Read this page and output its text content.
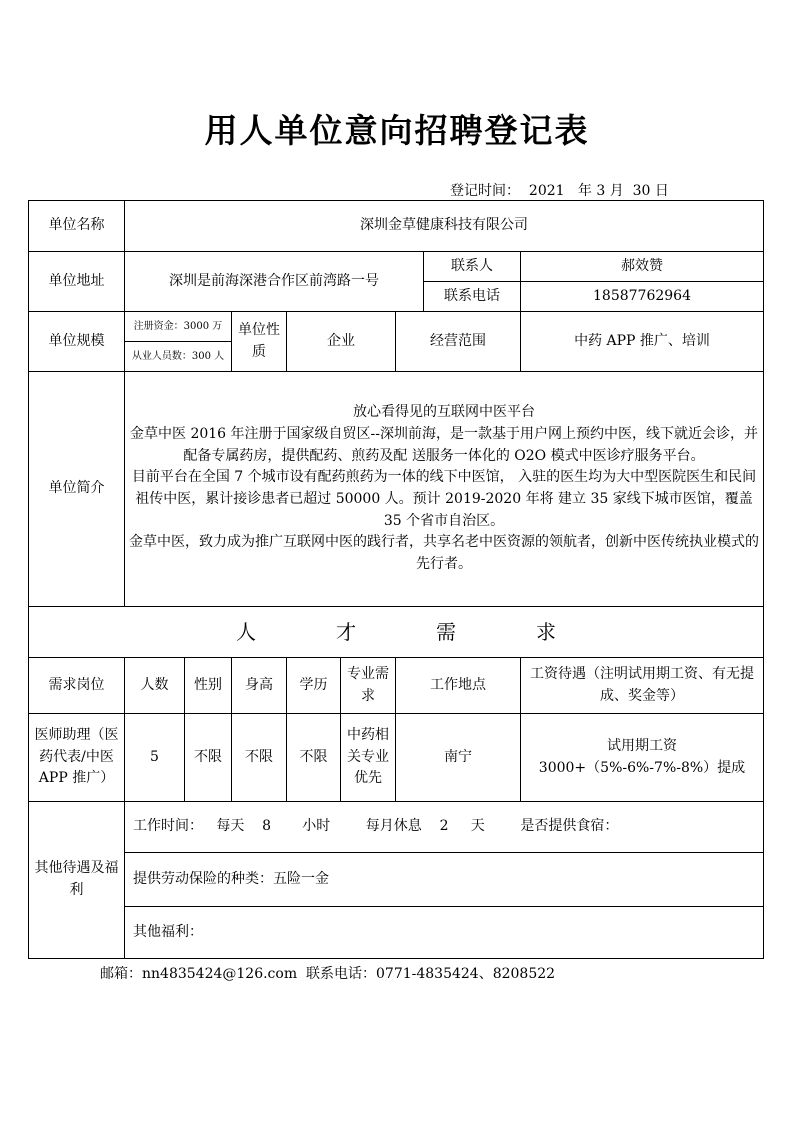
用人单位意向招聘登记表
登记时间： 2021 年 3 月 30 日
单位名称	深圳金草健康科技有限公司							
单位地址	深圳是前海深港合作区前湾路一号						联系人	郝效赞
							联系电话	18587762964
单位规模	注册资金：3000 万		单位性质	企业		经营范围		中药 APP 推广、培训
	从业人员数：300 人							
单位简介	放心看得见的互联网中医平台

金草中医 2016 年注册于国家级自贸区--深圳前海，是一款基于用户网上预约中医，线下就近会诊，并配备专属药房，提供配药、煎药及配 送服务一体化的 O2O 模式中医诊疗服务平台。

目前平台在全国 7 个城市设有配药煎药为一体的线下中医馆， 入驻的医生均为大中型医院医生和民间祖传中医，累计接诊患者已超过 50000 人。预计 2019-2020 年将 建立 35 家线下城市医馆，覆盖 35 个省市自治区。

金草中医，致力成为推广互联网中医的践行者，共享名老中医资源的领航者，创新中医传统执业模式的先行者。							

人 才 需 求								
需求岗位	人数	性别	身高	学历	专业需求	工作地点		工资待遇（注明试用期工资、有无提成、奖金等）
医师助理（医药代表/中医 APP 推广）	5	不限	不限	不限	中药相关专业优先	南宁		试用期工资 3000+（5%-6%-7%-8%）提成
其他待遇及福利	工作时间：   每天    8       小时        每月休息    2     天        是否提供食宿：							
	提供劳动保险的种类：五险一金							
	其他福利：							
邮箱：nn4835424@126.com  联系电话：0771-4835424、8208522
